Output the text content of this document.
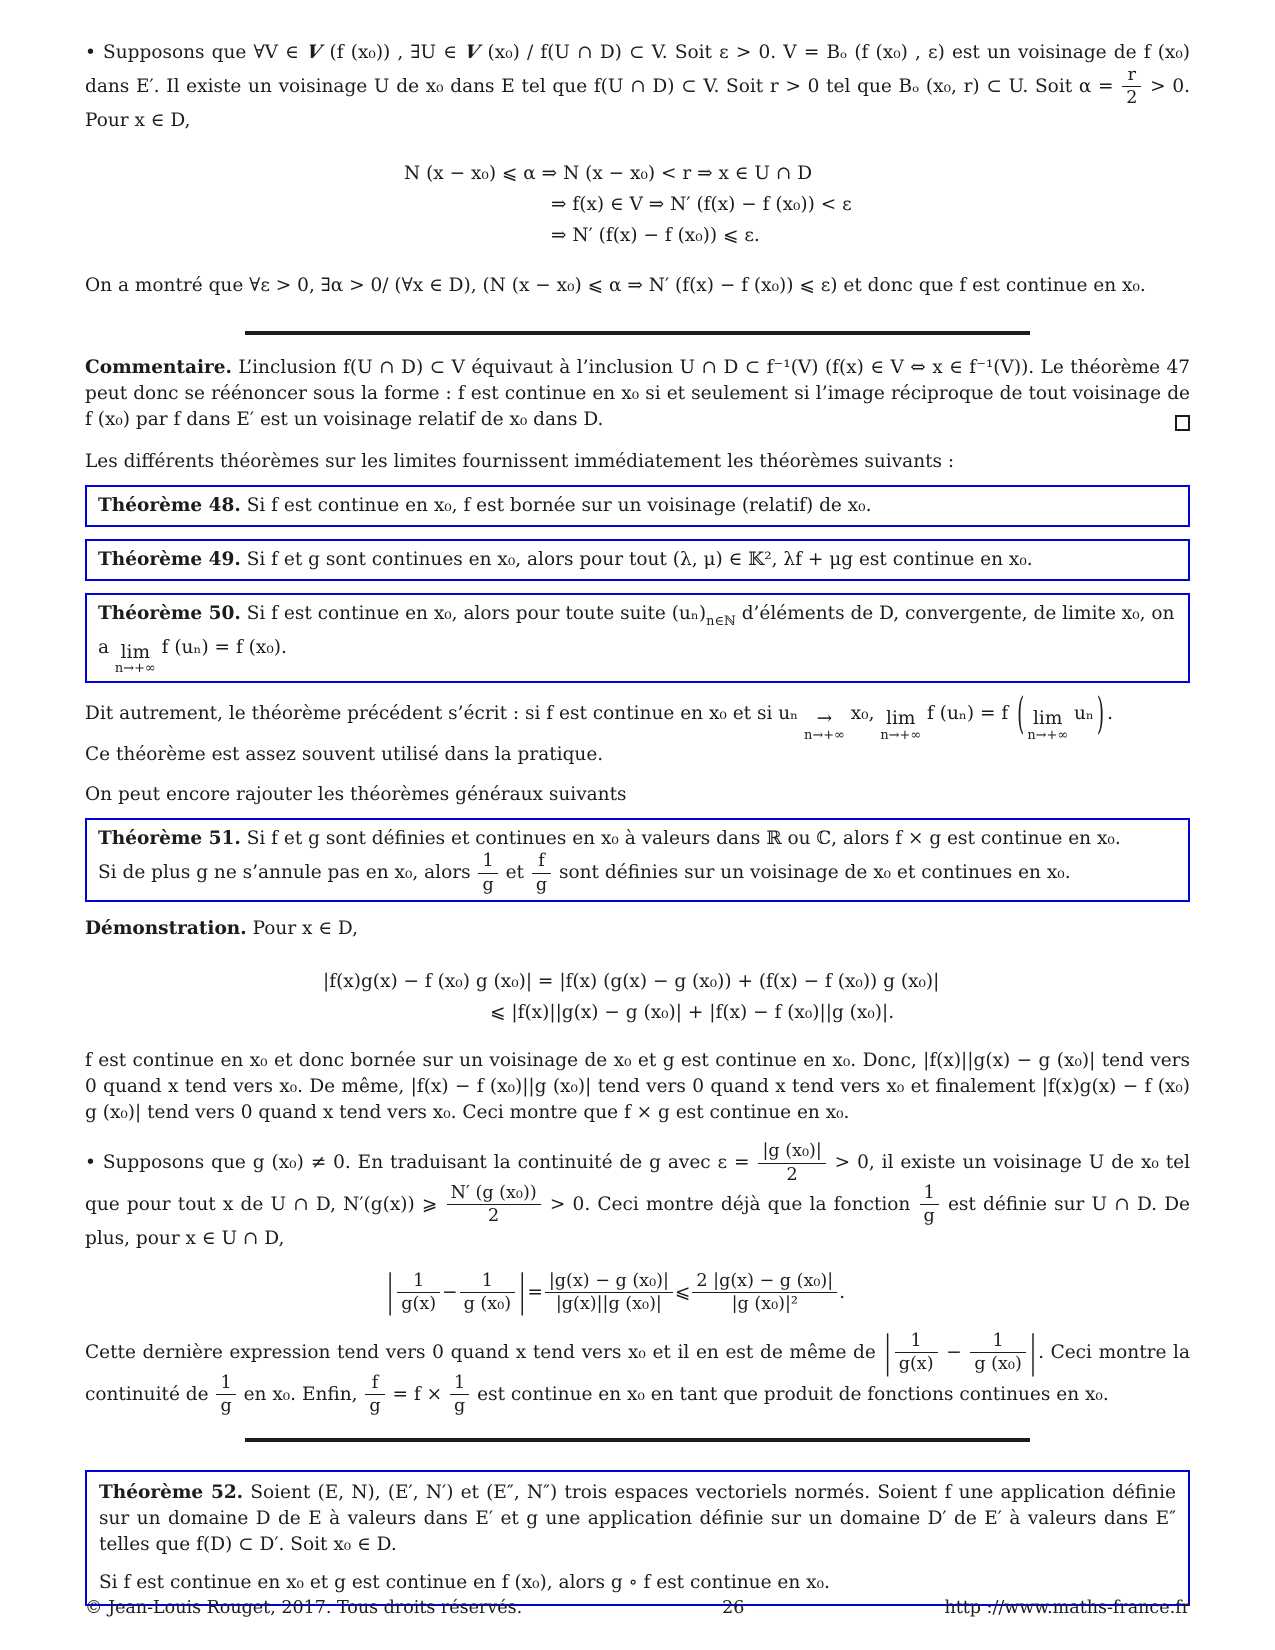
• Supposons que ∀V ∈ V (f (x₀)) , ∃U ∈ V (x₀) / f(U ∩ D) ⊂ V. Soit ε > 0. V = Bₒ (f (x₀) , ε) est un voisinage de f (x₀) dans E′. Il existe un voisinage U de x₀ dans E tel que f(U ∩ D) ⊂ V. Soit r > 0 tel que Bₒ (x₀, r) ⊂ U. Soit $\alpha = \frac{r}{2} > 0$. Pour x ∈ D,

N (x − x₀) ⩽ α ⇒ N (x − x₀) < r ⇒ x ∈ U ∩ D
⇒ f(x) ∈ V ⇒ N′ (f(x) − f (x₀)) < ε
⇒ N′ (f(x) − f (x₀)) ⩽ ε.

On a montré que ∀ε > 0, ∃α > 0/ (∀x ∈ D), (N (x − x₀) ⩽ α ⇒ N′ (f(x) − f (x₀)) ⩽ ε) et donc que f est continue en x₀.

Commentaire. L’inclusion f(U ∩ D) ⊂ V équivaut à l’inclusion U ∩ D ⊂ f⁻¹(V) (f(x) ∈ V ⇔ x ∈ f⁻¹(V)). Le théorème 47 peut donc se réénoncer sous la forme : f est continue en x₀ si et seulement si l’image réciproque de tout voisinage de f (x₀) par f dans E′ est un voisinage relatif de x₀ dans D.

Les différents théorèmes sur les limites fournissent immédiatement les théorèmes suivants :

Théorème 48. Si f est continue en x₀, f est bornée sur un voisinage (relatif) de x₀.

Théorème 49. Si f et g sont continues en x₀, alors pour tout (λ, μ) ∈ 𝕂², λf + μg est continue en x₀.

Théorème 50. Si f est continue en x₀, alors pour toute suite $(u_n)_{n\in ℕ}$ d’éléments de D, convergente, de limite x₀, on
a lim
n→+∞
f (uₙ) = f (x₀).

Dit autrement, le théorème précédent s’écrit : si f est continue en x₀ et si uₙ →
n→+∞
x₀, lim
n→+∞
f (uₙ) = f ( lim
n→+∞
uₙ ) .
Ce théorème est assez souvent utilisé dans la pratique.

On peut encore rajouter les théorèmes généraux suivants

Théorème 51. Si f et g sont définies et continues en x₀ à valeurs dans ℝ ou ℂ, alors f × g est continue en x₀.
Si de plus g ne s’annule pas en x₀, alors $\frac{1}{g}$ et $\frac{f}{g}$ sont définies sur un voisinage de x₀ et continues en x₀.

Démonstration. Pour x ∈ D,

|f(x)g(x) − f (x₀) g (x₀)| = |f(x) (g(x) − g (x₀)) + (f(x) − f (x₀)) g (x₀)|
⩽ |f(x)||g(x) − g (x₀)| + |f(x) − f (x₀)||g (x₀)|.

f est continue en x₀ et donc bornée sur un voisinage de x₀ et g est continue en x₀. Donc, |f(x)||g(x) − g (x₀)| tend vers 0 quand x tend vers x₀. De même, |f(x) − f (x₀)||g (x₀)| tend vers 0 quand x tend vers x₀ et finalement |f(x)g(x) − f (x₀) g (x₀)| tend vers 0 quand x tend vers x₀. Ceci montre que f × g est continue en x₀.

• Supposons que g (x₀) ≠ 0. En traduisant la continuité de g avec $\varepsilon = \frac{\text{|g (x₀)|}}{2} > 0$, il existe un voisinage U de x₀ tel que pour tout x de U ∩ D, N′(g(x)) ⩾ $\frac{\text{N′ (g (x₀))}}{2} > 0$. Ceci montre déjà que la fonction $\frac{1}{g}$ est définie sur U ∩ D. De plus, pour x ∈ U ∩ D,

| $\frac{1}{g(x)} - \frac{1}{\text{g (x₀)}}$ | = $\frac{\text{|g(x) − g (x₀)|}}{\text{|g(x)||g (x₀)|}}$ ⩽ $\frac{\text{2 |g(x) − g (x₀)|}}{\text{|g (x₀)|²}}$ .

Cette dernière expression tend vers 0 quand x tend vers x₀ et il en est de même de | $\frac{1}{g(x)} - \frac{1}{\text{g (x₀)}}$ | . Ceci montre la continuité de $\frac{1}{g}$ en x₀. Enfin, $\frac{f}{g} = f \times \frac{1}{g}$ est continue en x₀ en tant que produit de fonctions continues en x₀.

Théorème 52. Soient (E, N), (E′, N′) et (E″, N″) trois espaces vectoriels normés. Soient f une application définie sur un domaine D de E à valeurs dans E′ et g une application définie sur un domaine D′ de E′ à valeurs dans E″ telles que f(D) ⊂ D′. Soit x₀ ∈ D.

Si f est continue en x₀ et g est continue en f (x₀), alors g ∘ f est continue en x₀.

© Jean-Louis Rouget, 2017. Tous droits réservés.	26	http ://www.maths-france.fr
